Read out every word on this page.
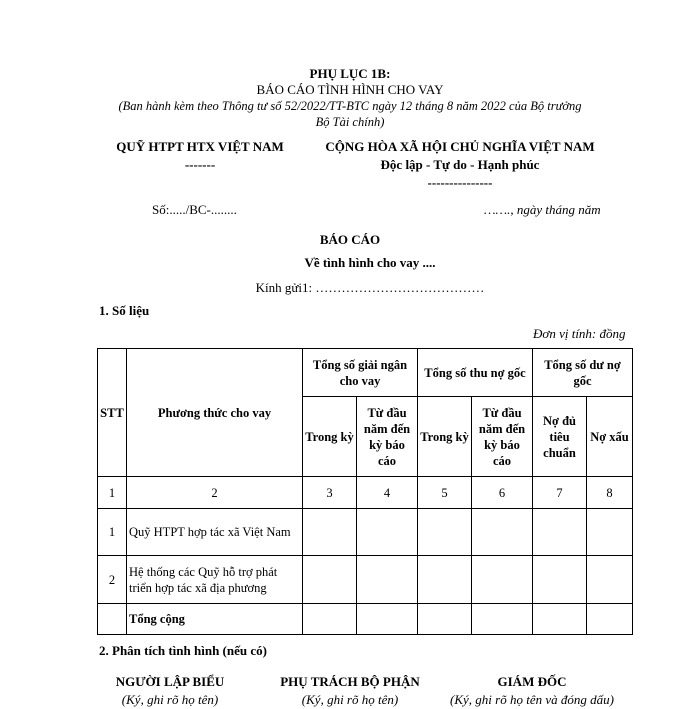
PHỤ LỤC 1B:
BÁO CÁO TÌNH HÌNH CHO VAY
(Ban hành kèm theo Thông tư số 52/2022/TT-BTC ngày 12 tháng 8 năm 2022 của Bộ trưởng
Bộ Tài chính)
QUỸ HTPT HTX VIỆT NAM
-------
CỘNG HÒA XÃ HỘI CHỦ NGHĨA VIỆT NAM
Độc lập - Tự do - Hạnh phúc
---------------
Số:...../BC-........	……., ngày tháng năm
BÁO CÁO
Về tình hình cho vay ....
Kính gửi1: …………………………………
1. Số liệu
Đơn vị tính: đồng
STT	Phương thức cho vay	Tổng số giải ngân cho vay		Tổng số thu nợ gốc		Tổng số dư nợ gốc	
		Trong kỳ	Từ đầu năm đến kỳ báo cáo	Trong kỳ	Từ đầu năm đến kỳ báo cáo	Nợ đủ tiêu chuẩn	Nợ xấu
1	2	3	4	5	6	7	8
1	Quỹ HTPT hợp tác xã Việt Nam						
2	Hệ thống các Quỹ hỗ trợ phát triển hợp tác xã địa phương						
	Tổng cộng						
2. Phân tích tình hình (nếu có)
NGƯỜI LẬP BIỂU
(Ký, ghi rõ họ tên)
PHỤ TRÁCH BỘ PHẬN
(Ký, ghi rõ họ tên)
GIÁM ĐỐC
(Ký, ghi rõ họ tên và đóng dấu)
